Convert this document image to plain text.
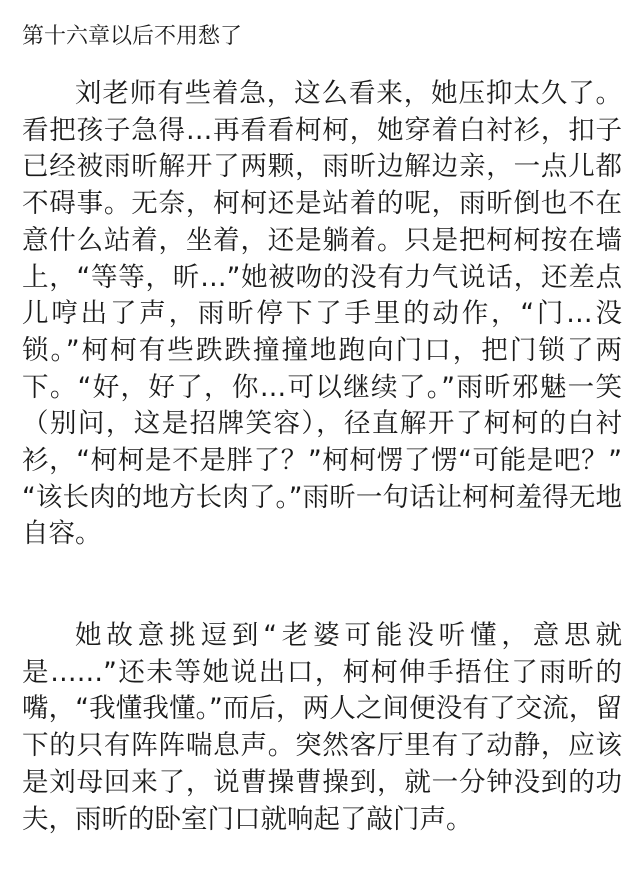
第十六章以后不用愁了

刘老师有些着急，这么看来，她压抑太久了。看把孩子急得…再看看柯柯，她穿着白衬衫，扣子已经被雨昕解开了两颗，雨昕边解边亲，一点儿都不碍事。无奈，柯柯还是站着的呢，雨昕倒也不在意什么站着，坐着，还是躺着。只是把柯柯按在墙上，“等等，昕…”她被吻的没有力气说话，还差点儿哼出了声，雨昕停下了手里的动作，“门…没锁。”柯柯有些跌跌撞撞地跑向门口，把门锁了两下。“好，好了，你…可以继续了。”雨昕邪魅一笑（别问，这是招牌笑容），径直解开了柯柯的白衬衫，“柯柯是不是胖了？”柯柯愣了愣“可能是吧？” “该长肉的地方长肉了。”雨昕一句话让柯柯羞得无地自容。

她故意挑逗到“老婆可能没听懂，意思就是……”还未等她说出口，柯柯伸手捂住了雨昕的嘴，“我懂我懂。”而后，两人之间便没有了交流，留下的只有阵阵喘息声。突然客厅里有了动静，应该是刘母回来了，说曹操曹操到，就一分钟没到的功夫，雨昕的卧室门口就响起了敲门声。
